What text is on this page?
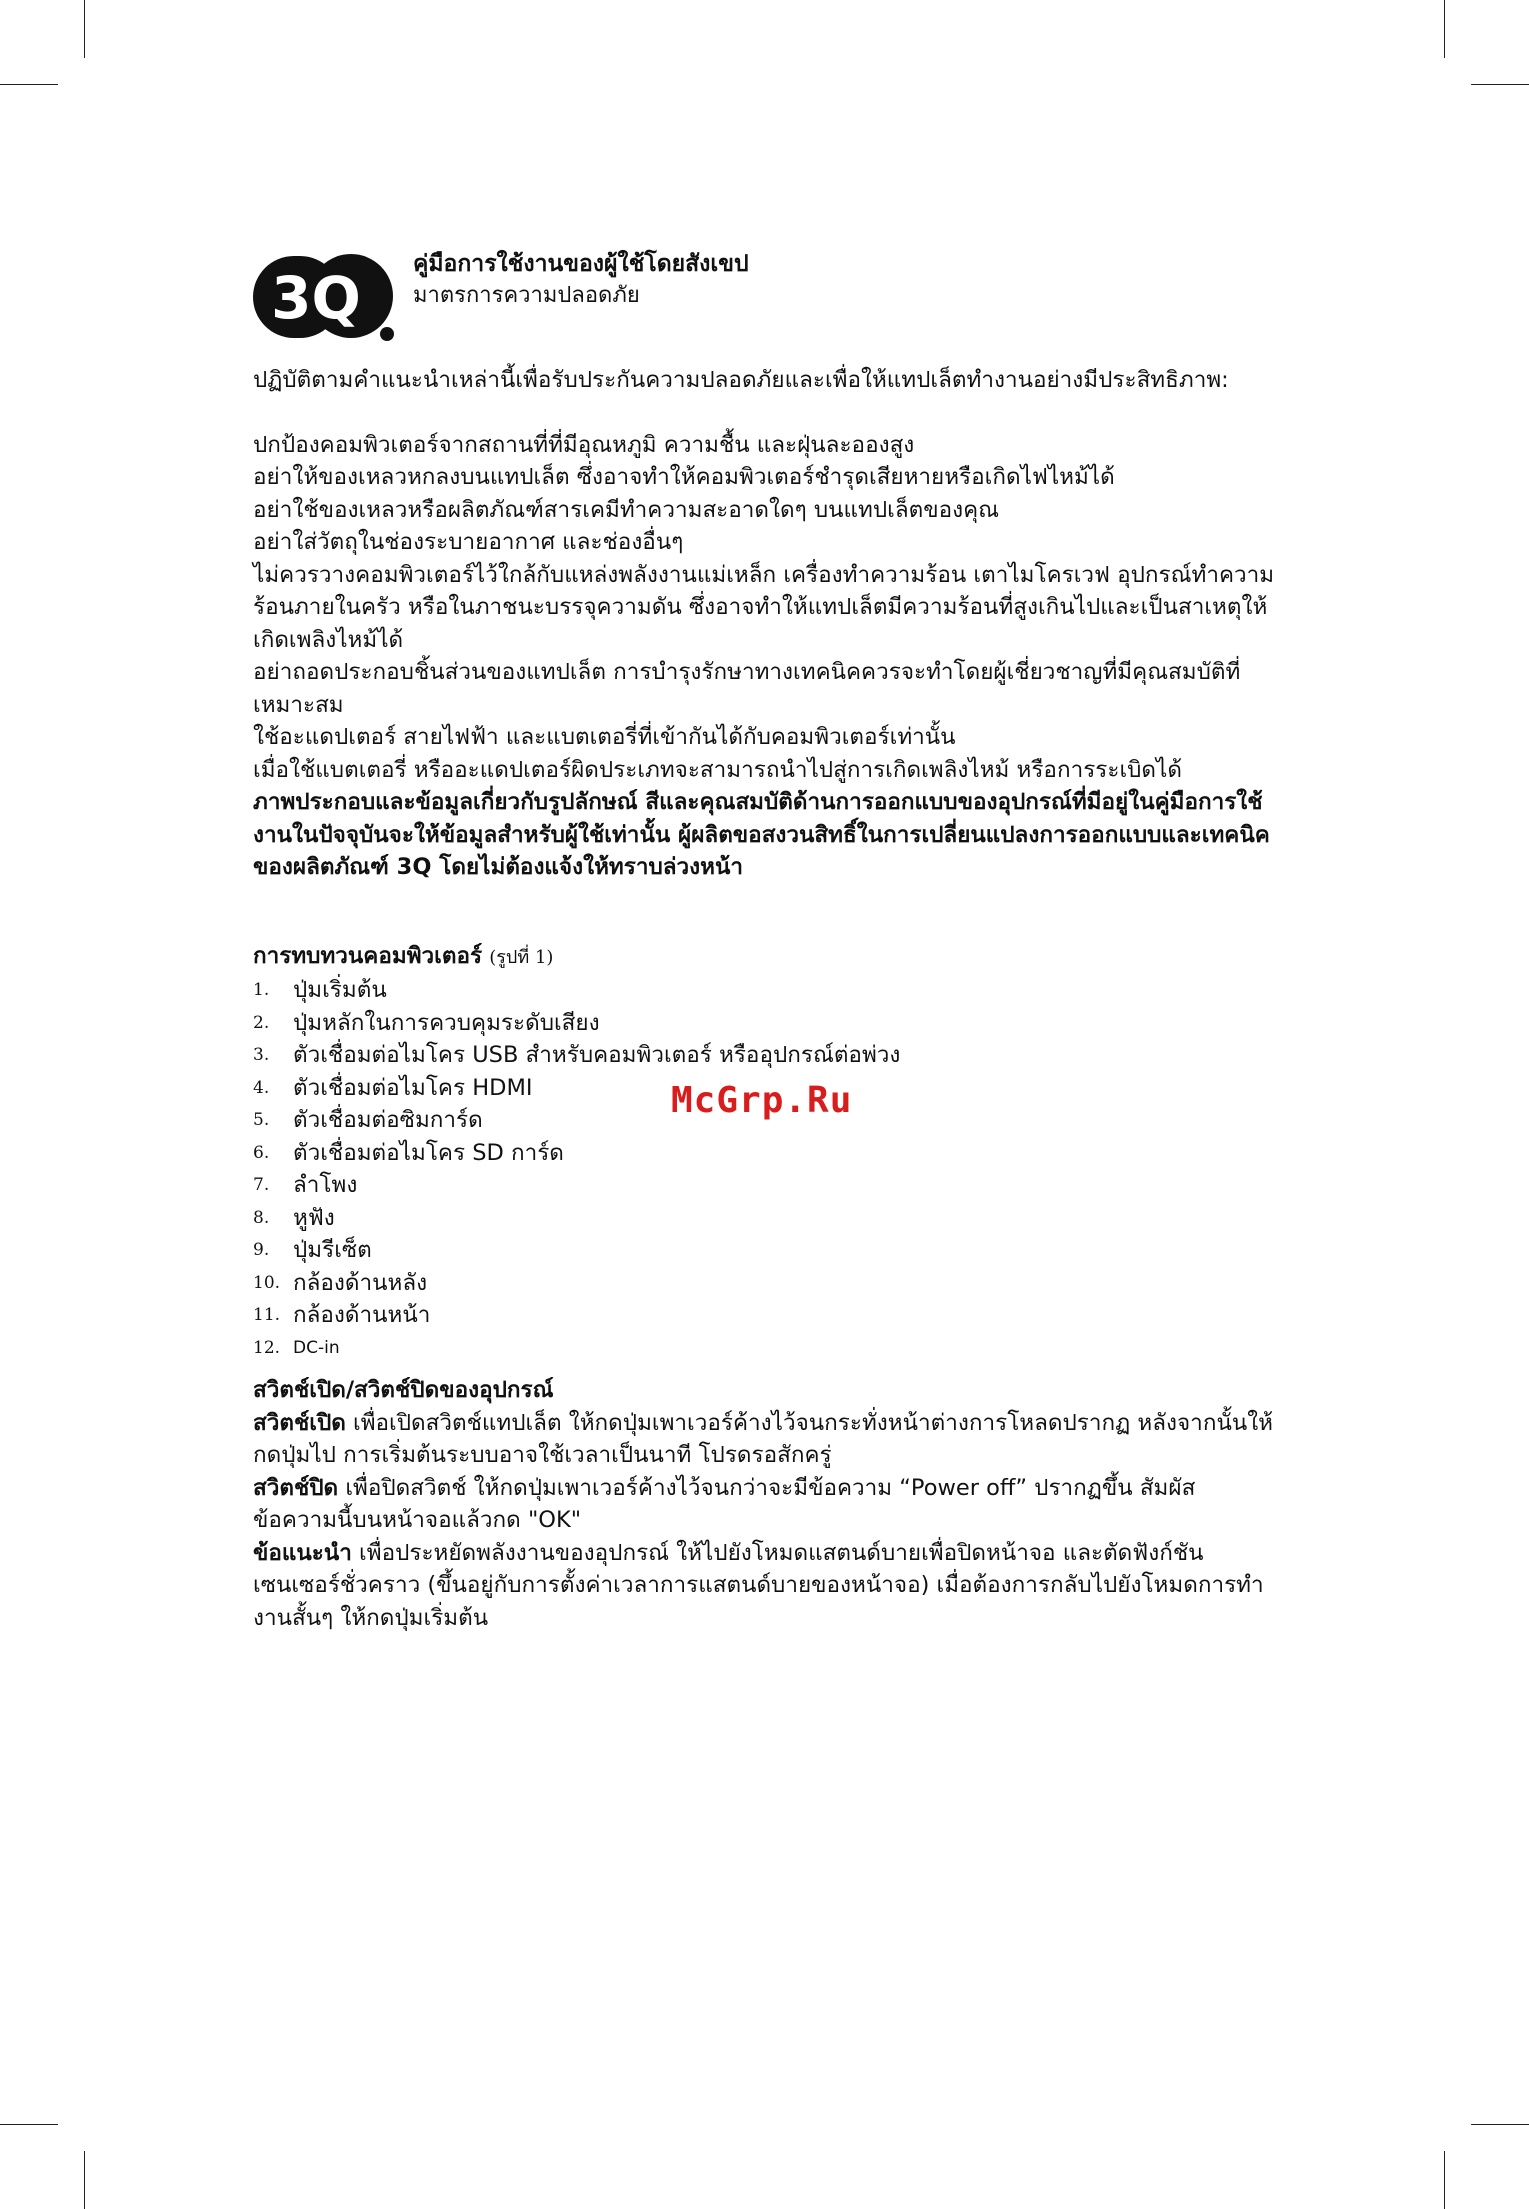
3Q คู่มือการใช้งานของผู้ใช้โดยสังเขป
มาตรการความปลอดภัย
McGrp.Ru

ปฏิบัติตามคำแนะนำเหล่านี้เพื่อรับประกันความปลอดภัยและเพื่อให้แทปเล็ตทำงานอย่างมีประสิทธิภาพ:

ปกป้องคอมพิวเตอร์จากสถานที่ที่มีอุณหภูมิ ความชื้น และฝุ่นละอองสูง

อย่าให้ของเหลวหกลงบนแทปเล็ต ซึ่งอาจทำให้คอมพิวเตอร์ชำรุดเสียหายหรือเกิดไฟไหม้ได้

อย่าใช้ของเหลวหรือผลิตภัณฑ์สารเคมีทำความสะอาดใดๆ บนแทปเล็ตของคุณ

อย่าใส่วัตถุในช่องระบายอากาศ และช่องอื่นๆ

ไม่ควรวางคอมพิวเตอร์ไว้ใกล้กับแหล่งพลังงานแม่เหล็ก เครื่องทำความร้อน เตาไมโครเวฟ อุปกรณ์ทำความร้อนภายในครัว หรือในภาชนะบรรจุความดัน ซึ่งอาจทำให้แทปเล็ตมีความร้อนที่สูงเกินไปและเป็นสาเหตุให้เกิดเพลิงไหม้ได้

อย่าถอดประกอบชิ้นส่วนของแทปเล็ต การบำรุงรักษาทางเทคนิคควรจะทำโดยผู้เชี่ยวชาญที่มีคุณสมบัติที่เหมาะสม

ใช้อะแดปเตอร์ สายไฟฟ้า และแบตเตอรี่ที่เข้ากันได้กับคอมพิวเตอร์เท่านั้น

เมื่อใช้แบตเตอรี่ หรืออะแดปเตอร์ผิดประเภทจะสามารถนำไปสู่การเกิดเพลิงไหม้ หรือการระเบิดได้

ภาพประกอบและข้อมูลเกี่ยวกับรูปลักษณ์ สีและคุณสมบัติด้านการออกแบบของอุปกรณ์ที่มีอยู่ในคู่มือการใช้งานในปัจจุบันจะให้ข้อมูลสำหรับผู้ใช้เท่านั้น ผู้ผลิตขอสงวนสิทธิ์ในการเปลี่ยนแปลงการออกแบบและเทคนิคของผลิตภัณฑ์ 3Q โดยไม่ต้องแจ้งให้ทราบล่วงหน้า

การทบทวนคอมพิวเตอร์ (รูปที่ 1)

1.	ปุ่มเริ่มต้น
2.	ปุ่มหลักในการควบคุมระดับเสียง
3.	ตัวเชื่อมต่อไมโคร USB สำหรับคอมพิวเตอร์ หรืออุปกรณ์ต่อพ่วง
4.	ตัวเชื่อมต่อไมโคร HDMI
5.	ตัวเชื่อมต่อซิมการ์ด
6.	ตัวเชื่อมต่อไมโคร SD การ์ด
7.	ลำโพง
8.	หูฟัง
9.	ปุ่มรีเซ็ต
10. กล้องด้านหลัง
11. กล้องด้านหน้า
12. DC-in

สวิตช์เปิด/สวิตช์ปิดของอุปกรณ์

สวิตช์เปิด เพื่อเปิดสวิตช์แทปเล็ต ให้กดปุ่มเพาเวอร์ค้างไว้จนกระทั่งหน้าต่างการโหลดปรากฏ หลังจากนั้นให้กดปุ่มไป การเริ่มต้นระบบอาจใช้เวลาเป็นนาที โปรดรอสักครู่

สวิตช์ปิด เพื่อปิดสวิตช์ ให้กดปุ่มเพาเวอร์ค้างไว้จนกว่าจะมีข้อความ “Power off” ปรากฏขึ้น สัมผัสข้อความนี้บนหน้าจอแล้วกด "OK"

ข้อแนะนำ เพื่อประหยัดพลังงานของอุปกรณ์ ให้ไปยังโหมดแสตนด์บายเพื่อปิดหน้าจอ และตัดฟังก์ชันเซนเซอร์ชั่วคราว (ขึ้นอยู่กับการตั้งค่าเวลาการแสตนด์บายของหน้าจอ) เมื่อต้องการกลับไปยังโหมดการทำงานสั้นๆ ให้กดปุ่มเริ่มต้น
